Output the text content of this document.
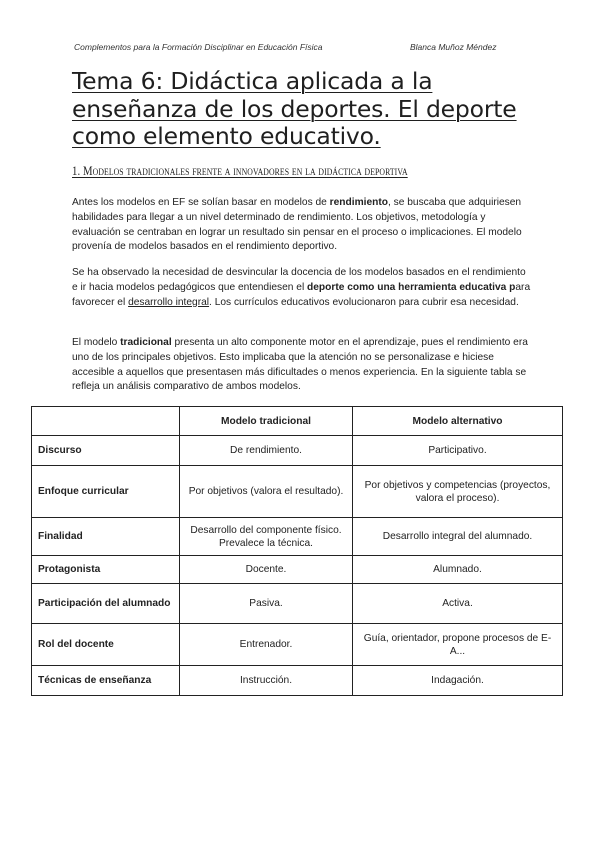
Complementos para la Formación Disciplinar en Educación Física	Blanca Muñoz Méndez
Tema 6: Didáctica aplicada a la enseñanza de los deportes. El deporte como elemento educativo.
1. Modelos tradicionales frente a innovadores en la didáctica deportiva

Antes los modelos en EF se solían basar en modelos de rendimiento, se buscaba que adquiriesen habilidades para llegar a un nivel determinado de rendimiento. Los objetivos, metodología y evaluación se centraban en lograr un resultado sin pensar en el proceso o implicaciones. El modelo provenía de modelos basados en el rendimiento deportivo.

Se ha observado la necesidad de desvincular la docencia de los modelos basados en el rendimiento e ir hacia modelos pedagógicos que entendiesen el deporte como una herramienta educativa para favorecer el desarrollo integral. Los currículos educativos evolucionaron para cubrir esa necesidad.

El modelo tradicional presenta un alto componente motor en el aprendizaje, pues el rendimiento era uno de los principales objetivos. Esto implicaba que la atención no se personalizase e hiciese accesible a aquellos que presentasen más dificultades o menos experiencia. En la siguiente tabla se refleja un análisis comparativo de ambos modelos.

	Modelo tradicional	Modelo alternativo
Discurso	De rendimiento.	Participativo.
Enfoque curricular	Por objetivos (valora el resultado).	Por objetivos y competencias (proyectos, valora el proceso).
Finalidad	Desarrollo del componente físico. Prevalece la técnica.	Desarrollo integral del alumnado.
Protagonista	Docente.	Alumnado.
Participación del alumnado	Pasiva.	Activa.
Rol del docente	Entrenador.	Guía, orientador, propone procesos de E-A...
Técnicas de enseñanza	Instrucción.	Indagación.
